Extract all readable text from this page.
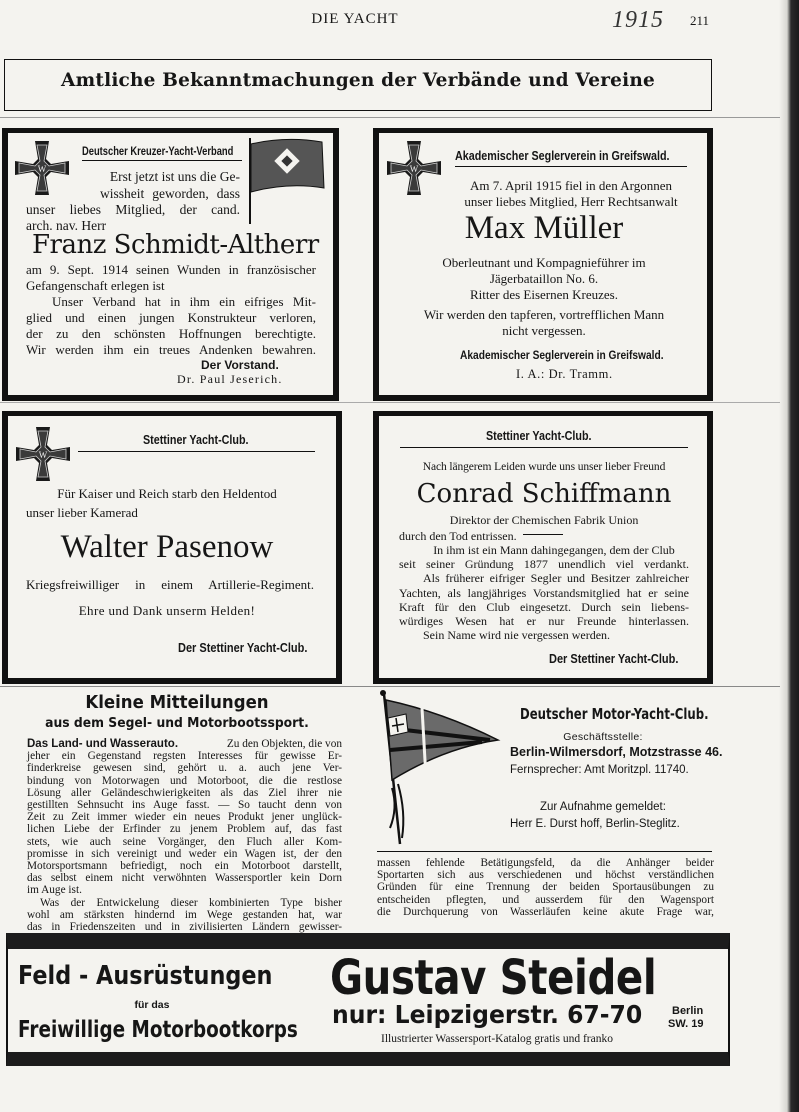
DIE YACHT	1915 211
Amtliche Bekanntmachungen der Verbände und Vereine
W
Deutscher Kreuzer-Yacht-Verband
Erst jetzt ist uns die Ge-
wissheit geworden, dass
unser liebes Mitglied, der cand.
arch. nav. Herr
Franz Schmidt-Altherr
am 9. Sept. 1914 seinen Wunden in französischer
Gefangenschaft erlegen ist
Unser Verband hat in ihm ein eifriges Mit-
glied und einen jungen Konstrukteur verloren,
der zu den schönsten Hoffnungen berechtigte.
Wir werden ihm ein treues Andenken bewahren.
Der Vorstand.
Dr. Paul Jeserich.
W
Akademischer Seglerverein in Greifswald.
Am 7. April 1915 fiel in den Argonnen
unser liebes Mitglied, Herr Rechtsanwalt
Max Müller
Oberleutnant und Kompagnieführer im
Jägerbataillon No. 6.
Ritter des Eisernen Kreuzes.
Wir werden den tapferen, vortrefflichen Mann
nicht vergessen.
Akademischer Seglerverein in Greifswald.
I. A.: Dr. Tramm.
W
Stettiner Yacht-Club.
Für Kaiser und Reich starb den Heldentod
unser lieber Kamerad
Walter Pasenow
Kriegsfreiwilliger in einem Artillerie-Regiment.
Ehre und Dank unserm Helden!
Der Stettiner Yacht-Club.
Stettiner Yacht-Club.
Nach längerem Leiden wurde uns unser lieber Freund
Conrad Schiffmann
Direktor der Chemischen Fabrik Union
durch den Tod entrissen.
In ihm ist ein Mann dahingegangen, dem der Club
seit seiner Gründung 1877 unendlich viel verdankt.
Als früherer eifriger Segler und Besitzer zahlreicher
Yachten, als langjähriges Vorstandsmitglied hat er seine
Kraft für den Club eingesetzt. Durch sein liebens-
würdiges Wesen hat er nur Freunde hinterlassen.
Sein Name wird nie vergessen werden.
Der Stettiner Yacht-Club.
Kleine Mitteilungen
aus dem Segel- und Motorbootssport.
Das Land- und Wasserauto.	Zu den Objekten, die von
jeher ein Gegenstand regsten Interesses für gewisse Er-
finderkreise gewesen sind, gehört u. a. auch jene Ver-
bindung von Motorwagen und Motorboot, die die restlose
Lösung aller Geländeschwierigkeiten als das Ziel ihrer nie
gestillten Sehnsucht ins Auge fasst. — So taucht denn von
Zeit zu Zeit immer wieder ein neues Produkt jener unglück-
lichen Liebe der Erfinder zu jenem Problem auf, das fast
stets, wie auch seine Vorgänger, den Fluch aller Kom-
promisse in sich vereinigt und weder ein Wagen ist, der den
Motorsportsmann befriedigt, noch ein Motorboot darstellt,
das selbst einem nicht verwöhnten Wassersportler kein Dorn
im Auge ist.
Was der Entwickelung dieser kombinierten Type bisher
wohl am stärksten hindernd im Wege gestanden hat, war
das in Friedenszeiten und in zivilisierten Ländern gewisser-
Deutscher Motor-Yacht-Club.
Geschäftsstelle:
Berlin-Wilmersdorf, Motzstrasse 46.
Fernsprecher: Amt Moritzpl. 11740.
Zur Aufnahme gemeldet:
Herr E. Durst hoff, Berlin-Steglitz.
massen fehlende Betätigungsfeld, da die Anhänger beider
Sportarten sich aus verschiedenen und höchst verständlichen
Gründen für eine Trennung der beiden Sportausübungen zu
entscheiden pflegten, und ausserdem für den Wagensport
die Durchquerung von Wasserläufen keine akute Frage war,
Feld - Ausrüstungen
für das
Freiwillige Motorbootkorps
Gustav Steidel
nur: Leipzigerstr. 67-70	Berlin
SW. 19
Illustrierter Wassersport-Katalog gratis und franko
